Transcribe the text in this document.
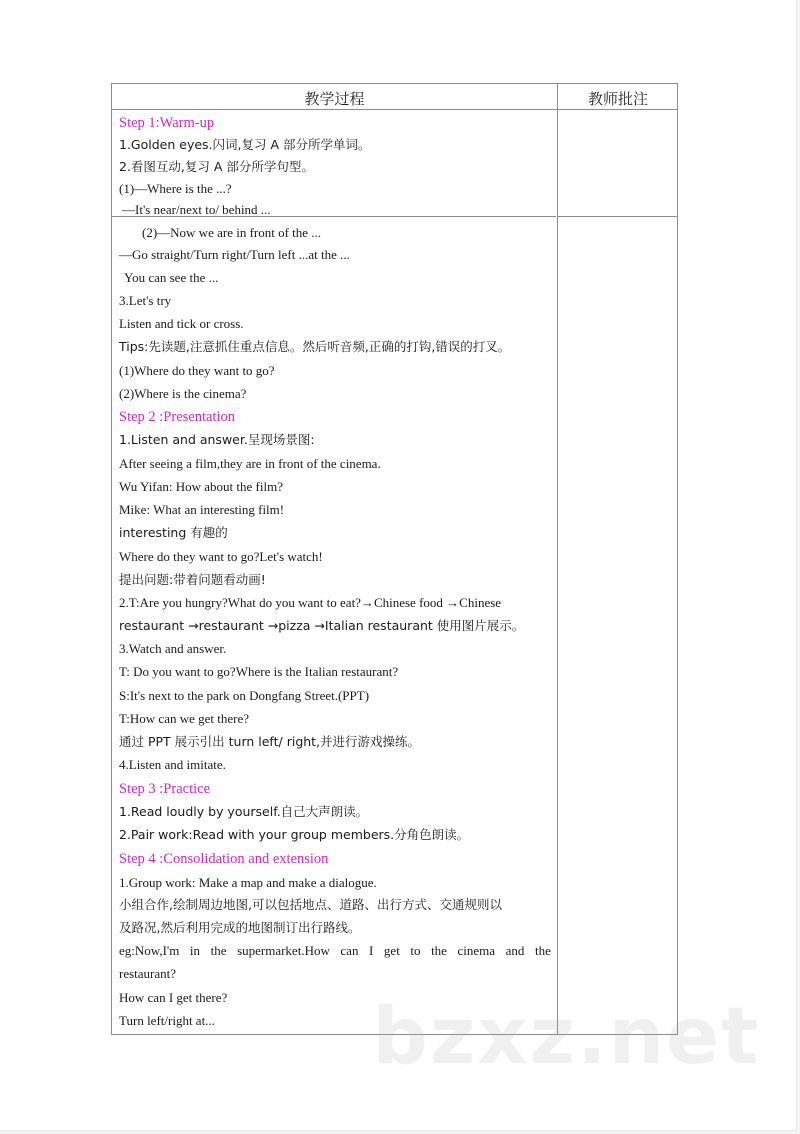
教学过程	教师批注
Step 1:Warm-up
1.Golden eyes.闪词,复习 A 部分所学单词。
2.看图互动,复习 A 部分所学句型。
(1)—Where is the ...?
—It's near/next to/ behind ...
(2)—Now we are in front of the ...
—Go straight/Turn right/Turn left ...at the ...
You can see the ...
3.Let's try
Listen and tick or cross.
Tips:先读题,注意抓住重点信息。然后听音频,正确的打钩,错误的打叉。
(1)Where do they want to go?
(2)Where is the cinema?
Step 2 :Presentation
1.Listen and answer.呈现场景图:
After seeing a film,they are in front of the cinema.
Wu Yifan: How about the film?
Mike: What an interesting film!
interesting 有趣的
Where do they want to go?Let's watch!
提出问题:带着问题看动画!
2.T:Are you hungry?What do you want to eat?→Chinese food →Chinese
restaurant →restaurant →pizza →Italian restaurant 使用图片展示。
3.Watch and answer.
T: Do you want to go?Where is the Italian restaurant?
S:It's next to the park on Dongfang Street.(PPT)
T:How can we get there?
通过 PPT 展示引出 turn left/ right,并进行游戏操练。
4.Listen and imitate.
Step 3 :Practice
1.Read loudly by yourself.自己大声朗读。
2.Pair work:Read with your group members.分角色朗读。
Step 4 :Consolidation and extension
1.Group work: Make a map and make a dialogue.
小组合作,绘制周边地图,可以包括地点、道路、出行方式、交通规则以
及路况,然后利用完成的地图制订出行路线。
eg:Now,I'm in the supermarket.How can I get to the cinema and the
restaurant?
How can I get there?
Turn left/right at... bzxz.net
